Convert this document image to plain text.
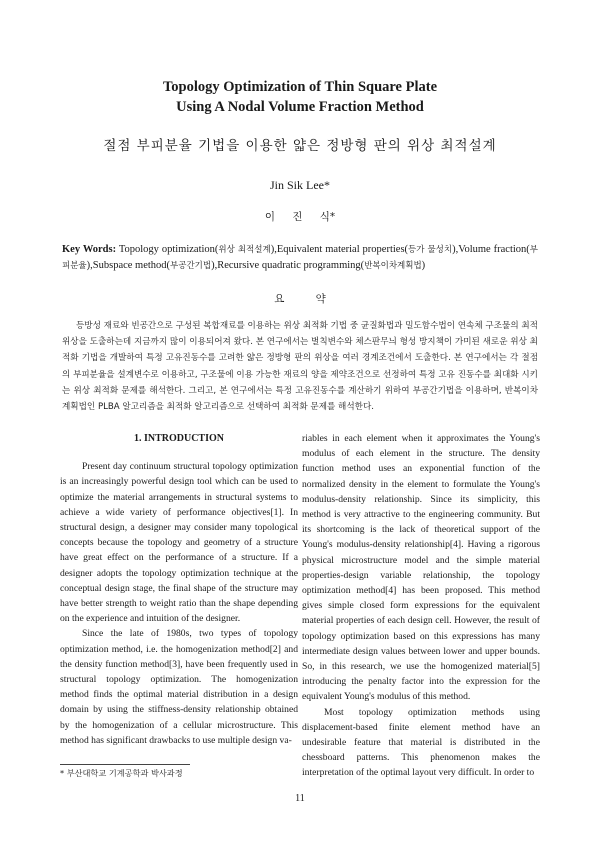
Topology Optimization of Thin Square Plate
Using A Nodal Volume Fraction Method
절점 부피분율 기법을 이용한 얇은 정방형 판의 위상 최적설계
Jin Sik Lee*
이 진 식*
Key Words: Topology optimization(위상 최적설계),Equivalent material properties(등가 물성치),Volume fraction(부피분율),Subspace method(부공간기법),Recursive quadratic programming(반복이차계획법)
요 약

등방성 재료와 빈공간으로 구성된 복합재료를 이용하는 위상 최적화 기법 중 균질화법과 밀도함수법이 연속체 구조물의 최적위상을 도출하는데 지금까지 많이 이용되어져 왔다. 본 연구에서는 벌칙변수와 체스판무늬 형성 방지책이 가미된 새로운 위상 최적화 기법을 개발하여 특정 고유진동수를 고려한 얇은 정방형 판의 위상을 여러 경계조건에서 도출한다. 본 연구에서는 각 절점의 부피분율을 설계변수로 이용하고, 구조물에 이용 가능한 재료의 양을 제약조건으로 선정하여 특정 고유 진동수를 최대화 시키는 위상 최적화 문제를 해석한다. 그리고, 본 연구에서는 특정 고유진동수를 계산하기 위하여 부공간기법을 이용하며, 반복이차계획법인 PLBA 알고리즘을 최적화 알고리즘으로 선택하여 최적화 문제를 해석한다.

1. INTRODUCTION

Present day continuum structural topology optimization is an increasingly powerful design tool which can be used to optimize the material arrangements in structural systems to achieve a wide variety of performance objectives[1]. In structural design, a designer may consider many topological concepts because the topology and geometry of a structure have great effect on the performance of a structure. If a designer adopts the topology optimization technique at the conceptual design stage, the final shape of the structure may have better strength to weight ratio than the shape depending on the experience and intuition of the designer.

Since the late of 1980s, two types of topology optimization method, i.e. the homogenization method[2] and the density function method[3], have been frequently used in structural topology optimization. The homogenization method finds the optimal material distribution in a design domain by using the stiffness-density relationship obtained by the homogenization of a cellular microstructure. This method has significant drawbacks to use multiple design va-

riables in each element when it approximates the Young's modulus of each element in the structure. The density function method uses an exponential function of the normalized density in the element to formulate the Young's modulus-density relationship. Since its simplicity, this method is very attractive to the engineering community. But its shortcoming is the lack of theoretical support of the Young's modulus-density relationship[4]. Having a rigorous physical microstructure model and the simple material properties-design variable relationship, the topology optimization method[4] has been proposed. This method gives simple closed form expressions for the equivalent material properties of each design cell. However, the result of topology optimization based on this expressions has many intermediate design values between lower and upper bounds. So, in this research, we use the homogenized material[5] introducing the penalty factor into the expression for the equivalent Young's modulus of this method.

Most topology optimization methods using displacement-based finite element method have an undesirable feature that material is distributed in the chessboard patterns. This phenomenon makes the interpretation of the optimal layout very difficult. In order to

* 부산대학교 기계공학과 박사과정
11
